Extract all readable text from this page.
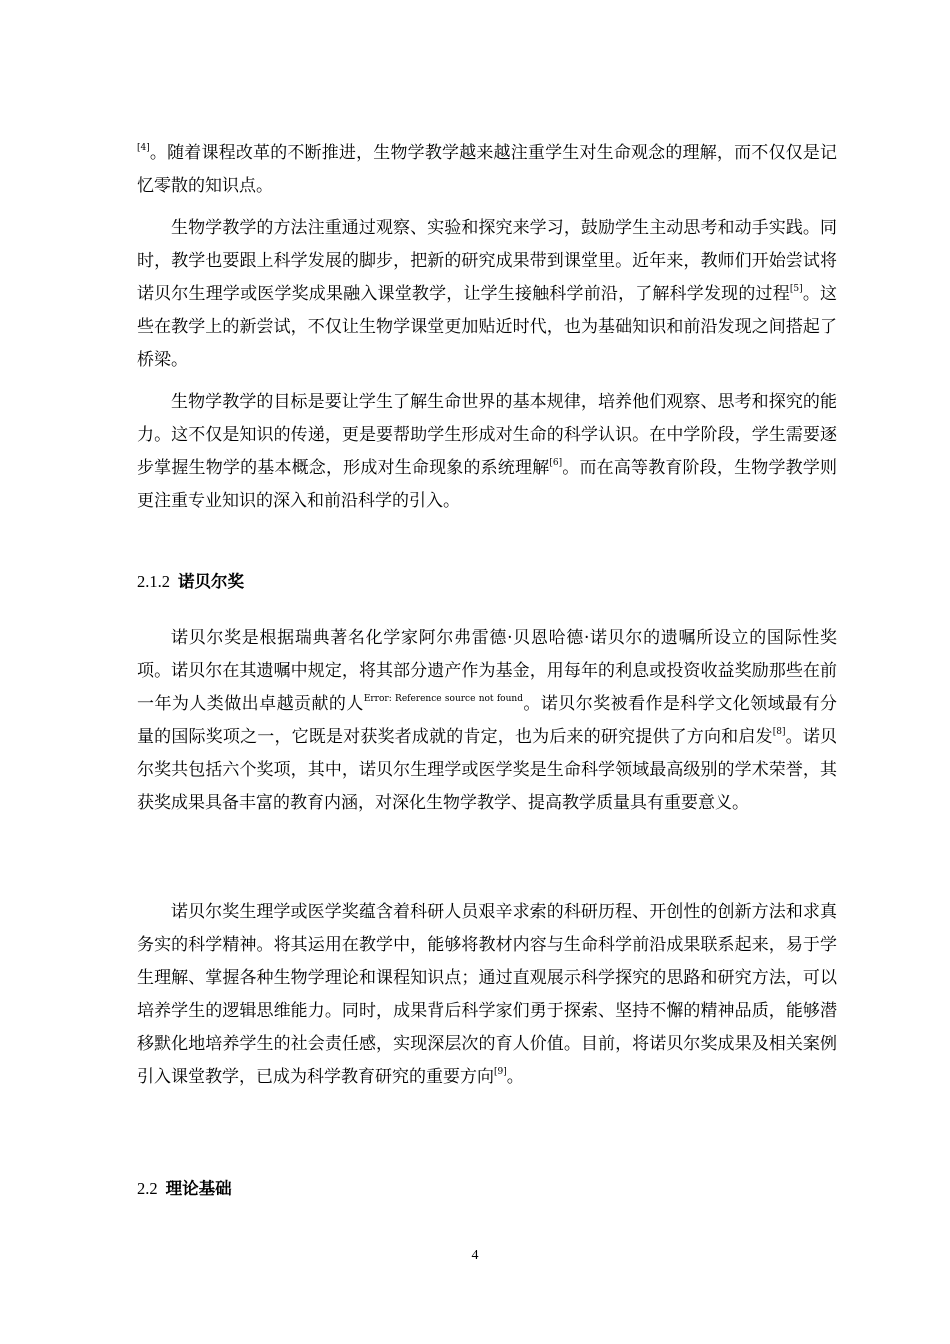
[4]。随着课程改革的不断推进，生物学教学越来越注重学生对生命观念的理解，而不仅仅是记忆零散的知识点。

生物学教学的方法注重通过观察、实验和探究来学习，鼓励学生主动思考和动手实践。同时，教学也要跟上科学发展的脚步，把新的研究成果带到课堂里。近年来，教师们开始尝试将诺贝尔生理学或医学奖成果融入课堂教学，让学生接触科学前沿，了解科学发现的过程[5]。这些在教学上的新尝试，不仅让生物学课堂更加贴近时代，也为基础知识和前沿发现之间搭起了桥梁。

生物学教学的目标是要让学生了解生命世界的基本规律，培养他们观察、思考和探究的能力。这不仅是知识的传递，更是要帮助学生形成对生命的科学认识。在中学阶段，学生需要逐步掌握生物学的基本概念，形成对生命现象的系统理解[6]。而在高等教育阶段，生物学教学则更注重专业知识的深入和前沿科学的引入。

2.1.2 诺贝尔奖

诺贝尔奖是根据瑞典著名化学家阿尔弗雷德·贝恩哈德·诺贝尔的遗嘱所设立的国际性奖项。诺贝尔在其遗嘱中规定，将其部分遗产作为基金，用每年的利息或投资收益奖励那些在前一年为人类做出卓越贡献的人$^{Error: Reference source not found}$。诺贝尔奖被看作是科学文化领域最有分量的国际奖项之一，它既是对获奖者成就的肯定，也为后来的研究提供了方向和启发[8]。诺贝尔奖共包括六个奖项，其中，诺贝尔生理学或医学奖是生命科学领域最高级别的学术荣誉，其获奖成果具备丰富的教育内涵，对深化生物学教学、提高教学质量具有重要意义。

诺贝尔奖生理学或医学奖蕴含着科研人员艰辛求索的科研历程、开创性的创新方法和求真务实的科学精神。将其运用在教学中，能够将教材内容与生命科学前沿成果联系起来，易于学生理解、掌握各种生物学理论和课程知识点；通过直观展示科学探究的思路和研究方法，可以培养学生的逻辑思维能力。同时，成果背后科学家们勇于探索、坚持不懈的精神品质，能够潜移默化地培养学生的社会责任感，实现深层次的育人价值。目前，将诺贝尔奖成果及相关案例引入课堂教学，已成为科学教育研究的重要方向[9]。

2.2 理论基础
4
